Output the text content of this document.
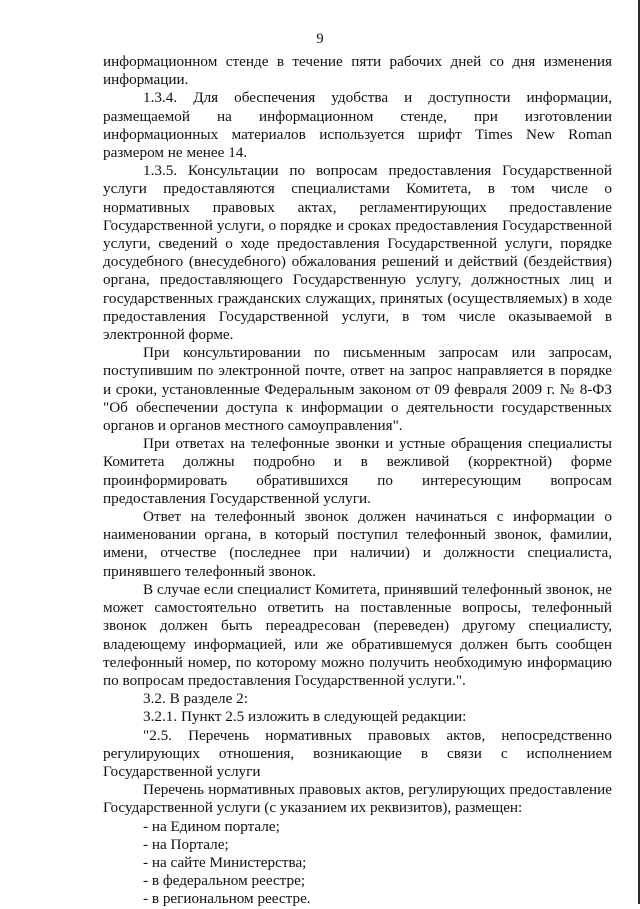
9

информационном стенде в течение пяти рабочих дней со дня изменения информации.

1.3.4. Для обеспечения удобства и доступности информации, размещаемой на информационном стенде, при изготовлении информационных материалов используется шрифт Times New Roman размером не менее 14.

1.3.5. Консультации по вопросам предоставления Государственной услуги предоставляются специалистами Комитета, в том числе о нормативных правовых актах, регламентирующих предоставление Государственной услуги, о порядке и сроках предоставления Государственной услуги, сведений о ходе предоставления Государственной услуги, порядке досудебного (внесудебного) обжалования решений и действий (бездействия) органа, предоставляющего Государственную услугу, должностных лиц и государственных гражданских служащих, принятых (осуществляемых) в ходе предоставления Государственной услуги, в том числе оказываемой в электронной форме.

При консультировании по письменным запросам или запросам, поступившим по электронной почте, ответ на запрос направляется в порядке и сроки, установленные Федеральным законом от 09 февраля 2009 г. № 8-ФЗ "Об обеспечении доступа к информации о деятельности государственных органов и органов местного самоуправления".

При ответах на телефонные звонки и устные обращения специалисты Комитета должны подробно и в вежливой (корректной) форме проинформировать обратившихся по интересующим вопросам предоставления Государственной услуги.

Ответ на телефонный звонок должен начинаться с информации о наименовании органа, в который поступил телефонный звонок, фамилии, имени, отчестве (последнее при наличии) и должности специалиста, принявшего телефонный звонок.

В случае если специалист Комитета, принявший телефонный звонок, не может самостоятельно ответить на поставленные вопросы, телефонный звонок должен быть переадресован (переведен) другому специалисту, владеющему информацией, или же обратившемуся должен быть сообщен телефонный номер, по которому можно получить необходимую информацию по вопросам предоставления Государственной услуги.".

3.2. В разделе 2:

3.2.1. Пункт 2.5 изложить в следующей редакции:

"2.5. Перечень нормативных правовых актов, непосредственно регулирующих отношения, возникающие в связи с исполнением Государственной услуги

Перечень нормативных правовых актов, регулирующих предоставление Государственной услуги (с указанием их реквизитов), размещен:

- на Едином портале;

- на Портале;

- на сайте Министерства;

- в федеральном реестре;

- в региональном реестре.
